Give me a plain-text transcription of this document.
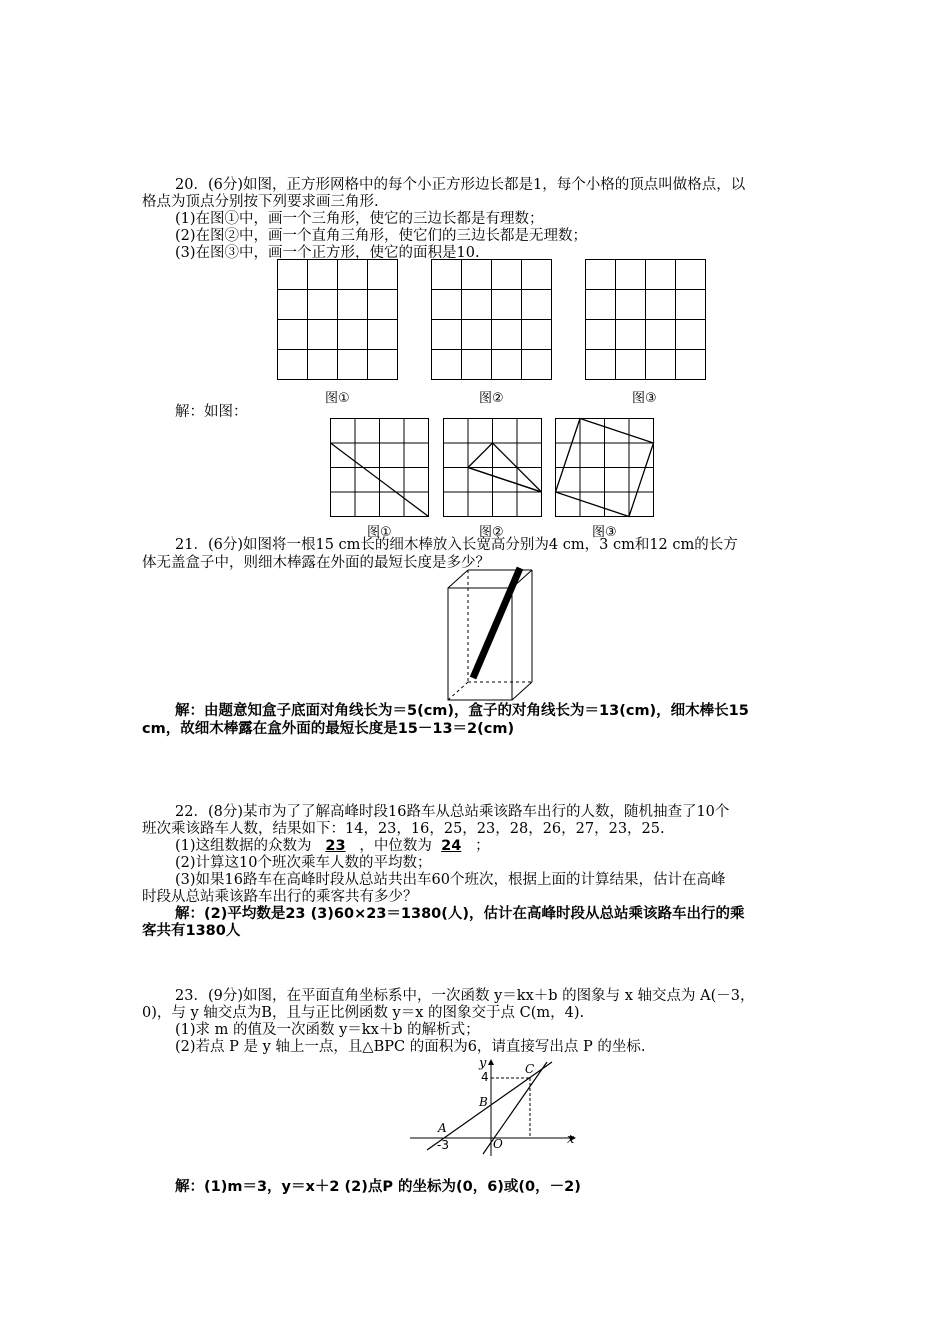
20．(6分)如图，正方形网格中的每个小正方形边长都是1，每个小格的顶点叫做格点，以
格点为顶点分别按下列要求画三角形.
(1)在图①中，画一个三角形，使它的三边长都是有理数；
(2)在图②中，画一个直角三角形，使它们的三边长都是无理数；
(3)在图③中，画一个正方形，使它的面积是10.
图①	图②	图③
解：如图：
图①	图②	图③
21．(6分)如图将一根15 cm长的细木棒放入长宽高分别为4 cm，3 cm和12 cm的长方
体无盖盒子中，则细木棒露在外面的最短长度是多少？
解：由题意知盒子底面对角线长为＝5(cm)，盒子的对角线长为＝13(cm)，细木棒长15
cm，故细木棒露在盒外面的最短长度是15－13＝2(cm)
22．(8分)某市为了了解高峰时段16路车从总站乘该路车出行的人数，随机抽查了10个
班次乘该路车人数，结果如下：14，23，16，25，23，28，26，27，23，25.
(1)这组数据的众数为 23 ，中位数为 24 ；
(2)计算这10个班次乘车人数的平均数；
(3)如果16路车在高峰时段从总站共出车60个班次，根据上面的计算结果，估计在高峰
时段从总站乘该路车出行的乘客共有多少？
解：(2)平均数是23 (3)60×23＝1380(人)，估计在高峰时段从总站乘该路车出行的乘
客共有1380人
23．(9分)如图，在平面直角坐标系中，一次函数 y＝kx＋b 的图象与 x 轴交点为 A(－3，
0)，与 y 轴交点为B，且与正比例函数 y＝x 的图象交于点 C(m，4).
(1)求 m 的值及一次函数 y＝kx＋b 的解析式；
(2)若点 P 是 y 轴上一点，且△BPC 的面积为6，请直接写出点 P 的坐标.
y
x
4
C
B
A
-3	O
解：(1)m＝3，y＝x＋2 (2)点P 的坐标为(0，6)或(0，－2)
